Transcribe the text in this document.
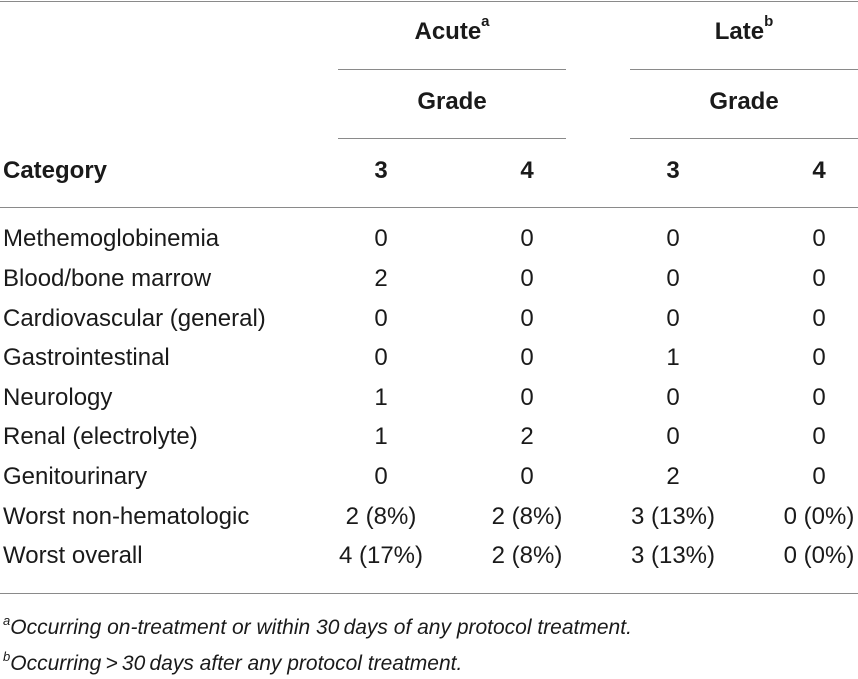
Acute$^a$	Late$^b$
Grade	Grade
Category	3	4	3	4
Methemoglobinemia	0	0	0	0
Blood/bone marrow	2	0	0	0
Cardiovascular (general)	0	0	0	0
Gastrointestinal	0	0	1	0
Neurology	1	0	0	0
Renal (electrolyte)	1	2	0	0
Genitourinary	0	0	2	0
Worst non-hematologic	2 (8%)	2 (8%)	3 (13%)	0 (0%)
Worst overall	4 (17%)	2 (8%)	3 (13%)	0 (0%)
$^a$Occurring on-treatment or within 30 days of any protocol treatment.
$^b$Occurring > 30 days after any protocol treatment.
